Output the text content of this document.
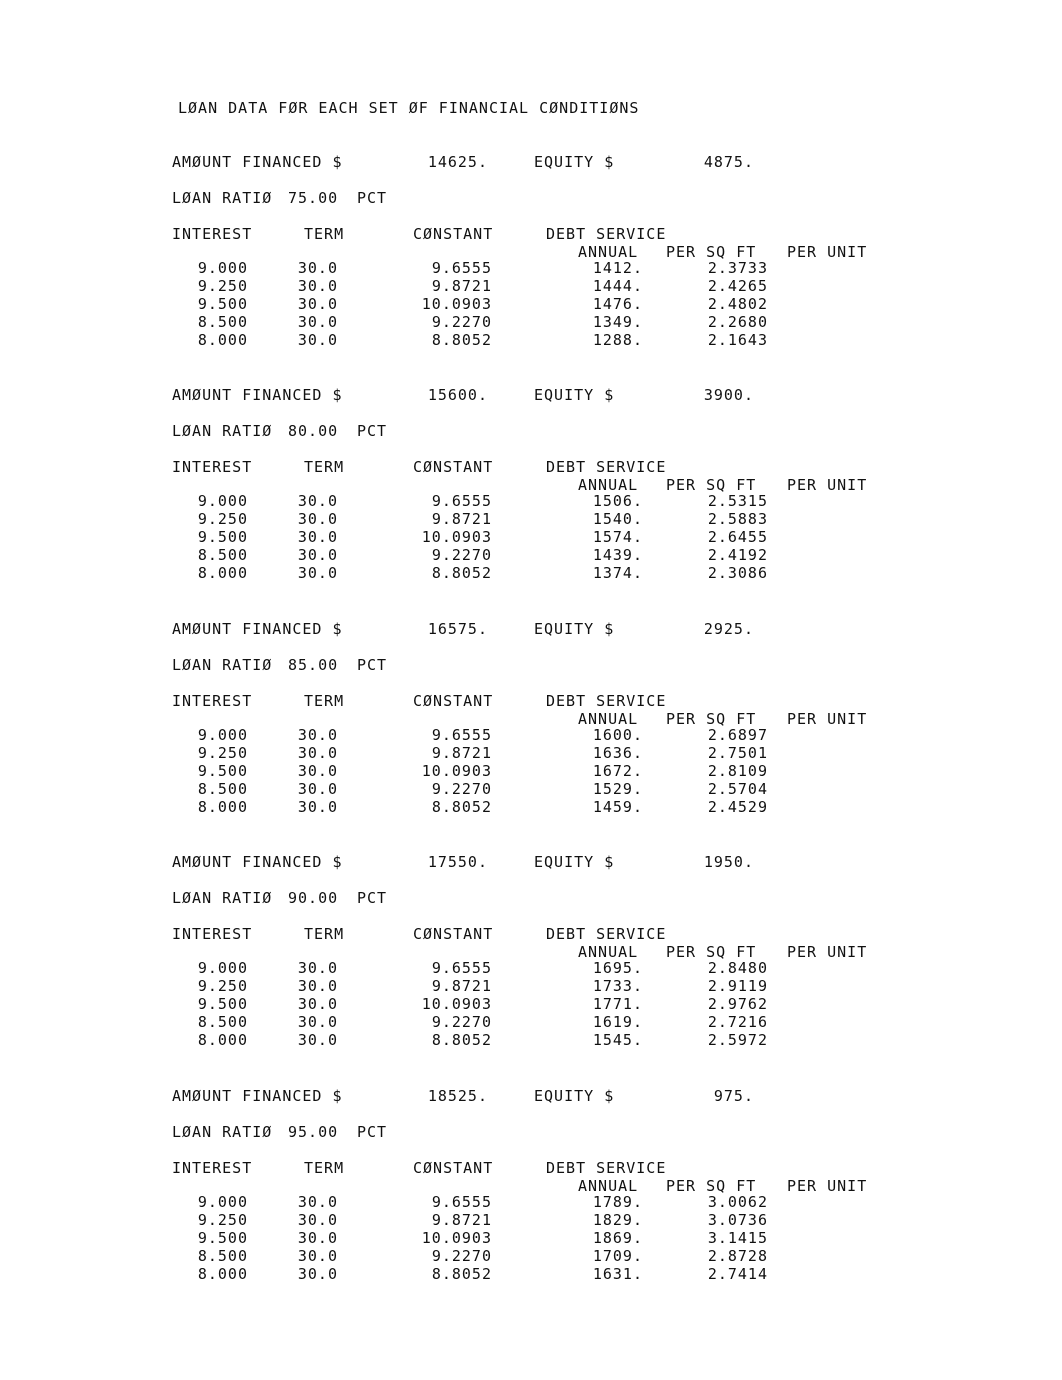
LØAN DATA FØR EACH SET ØF FINANCIAL CØNDITIØNS
AMØUNT FINANCED $	14625.	EQUITY $	4875.
LØAN RATIØ 75.00 PCT
INTEREST	TERM	CØNSTANT	DEBT SERVICE
ANNUAL PER SQ FT PER UNIT
9.000	30.0	9.6555	1412.	2.3733
9.250	30.0	9.8721	1444.	2.4265
9.500	30.0	10.0903	1476.	2.4802
8.500	30.0	9.2270	1349.	2.2680
8.000	30.0	8.8052	1288.	2.1643
AMØUNT FINANCED $	15600.	EQUITY $	3900.
LØAN RATIØ 80.00 PCT
INTEREST	TERM	CØNSTANT	DEBT SERVICE
ANNUAL PER SQ FT PER UNIT
9.000	30.0	9.6555	1506.	2.5315
9.250	30.0	9.8721	1540.	2.5883
9.500	30.0	10.0903	1574.	2.6455
8.500	30.0	9.2270	1439.	2.4192
8.000	30.0	8.8052	1374.	2.3086
AMØUNT FINANCED $	16575.	EQUITY $	2925.
LØAN RATIØ 85.00 PCT
INTEREST	TERM	CØNSTANT	DEBT SERVICE
ANNUAL PER SQ FT PER UNIT
9.000	30.0	9.6555	1600.	2.6897
9.250	30.0	9.8721	1636.	2.7501
9.500	30.0	10.0903	1672.	2.8109
8.500	30.0	9.2270	1529.	2.5704
8.000	30.0	8.8052	1459.	2.4529
AMØUNT FINANCED $	17550.	EQUITY $	1950.
LØAN RATIØ 90.00 PCT
INTEREST	TERM	CØNSTANT	DEBT SERVICE
ANNUAL PER SQ FT PER UNIT
9.000	30.0	9.6555	1695.	2.8480
9.250	30.0	9.8721	1733.	2.9119
9.500	30.0	10.0903	1771.	2.9762
8.500	30.0	9.2270	1619.	2.7216
8.000	30.0	8.8052	1545.	2.5972
AMØUNT FINANCED $	18525.	EQUITY $	975.
LØAN RATIØ 95.00 PCT
INTEREST	TERM	CØNSTANT	DEBT SERVICE
ANNUAL PER SQ FT PER UNIT
9.000	30.0	9.6555	1789.	3.0062
9.250	30.0	9.8721	1829.	3.0736
9.500	30.0	10.0903	1869.	3.1415
8.500	30.0	9.2270	1709.	2.8728
8.000	30.0	8.8052	1631.	2.7414
